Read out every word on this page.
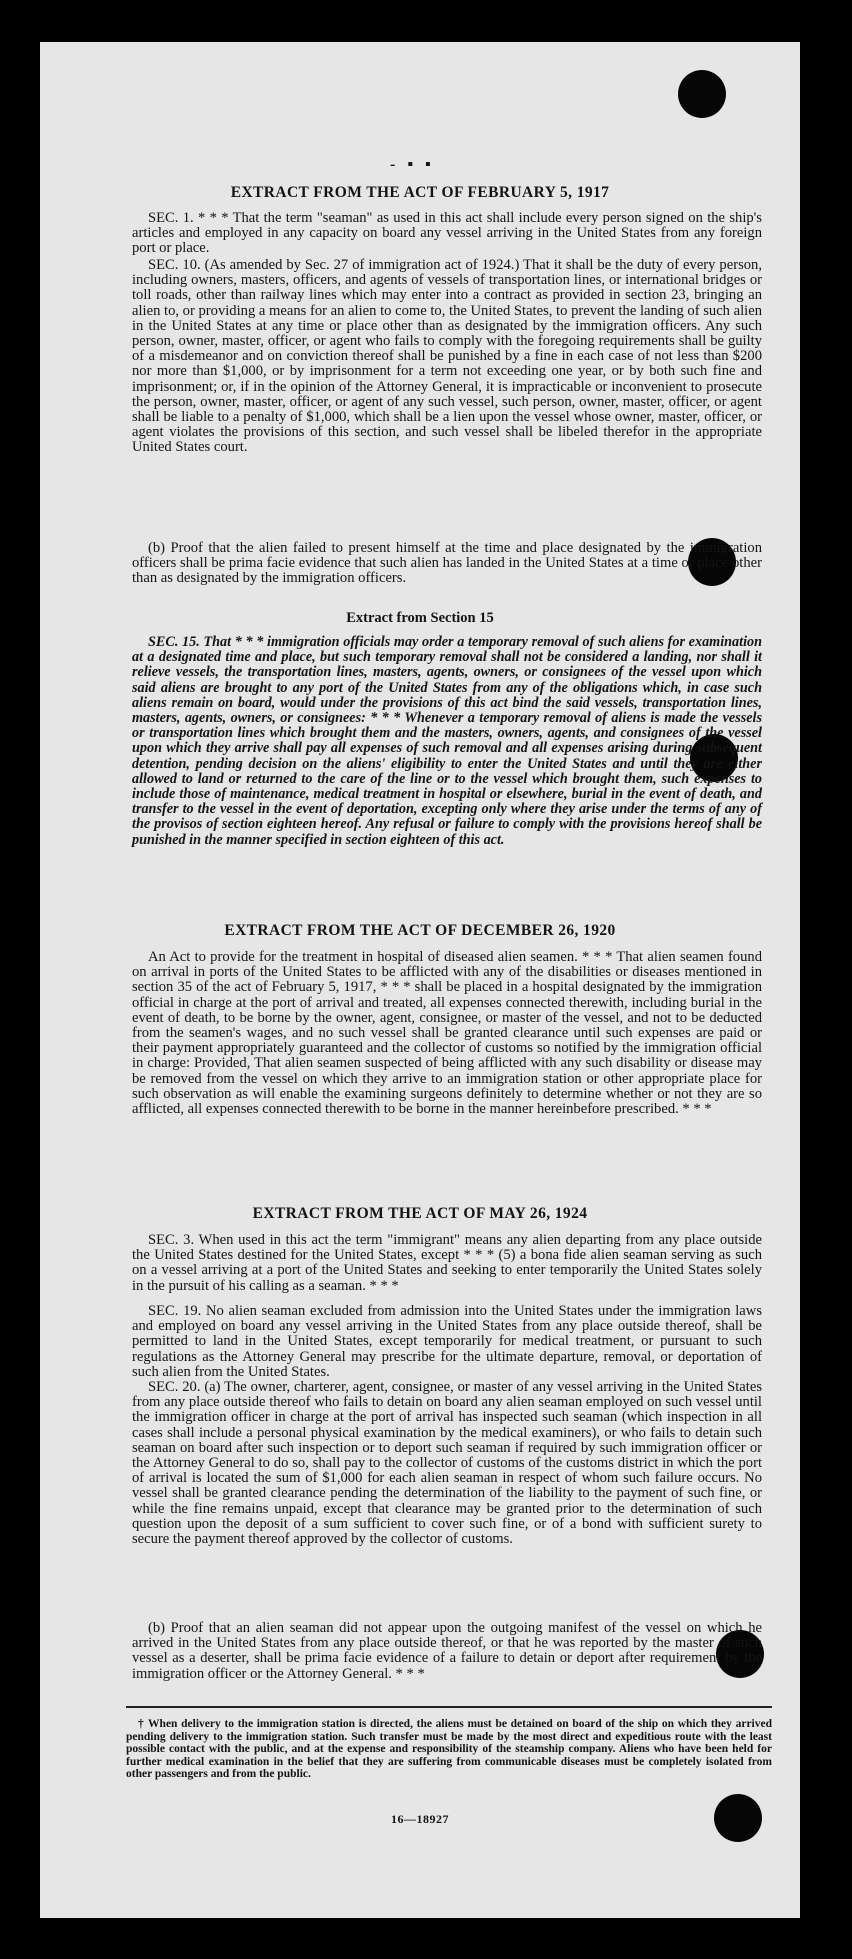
- ▪ ▪
EXTRACT FROM THE ACT OF FEBRUARY 5, 1917

SEC. 1. * * * That the term "seaman" as used in this act shall include every person signed on the ship's articles and employed in any capacity on board any vessel arriving in the United States from any foreign port or place.

SEC. 10. (As amended by Sec. 27 of immigration act of 1924.) That it shall be the duty of every person, including owners, masters, officers, and agents of vessels of transportation lines, or international bridges or toll roads, other than railway lines which may enter into a contract as provided in section 23, bringing an alien to, or providing a means for an alien to come to, the United States, to prevent the landing of such alien in the United States at any time or place other than as designated by the immigration officers. Any such person, owner, master, officer, or agent who fails to comply with the foregoing requirements shall be guilty of a misdemeanor and on conviction thereof shall be punished by a fine in each case of not less than $200 nor more than $1,000, or by imprisonment for a term not exceeding one year, or by both such fine and imprisonment; or, if in the opinion of the Attorney General, it is impracticable or inconvenient to prosecute the person, owner, master, officer, or agent of any such vessel, such person, owner, master, officer, or agent shall be liable to a penalty of $1,000, which shall be a lien upon the vessel whose owner, master, officer, or agent violates the provisions of this section, and such vessel shall be libeled therefor in the appropriate United States court.

(b) Proof that the alien failed to present himself at the time and place designated by the immigration officers shall be prima facie evidence that such alien has landed in the United States at a time or place other than as designated by the immigration officers.

Extract from Section 15

SEC. 15. That * * * immigration officials may order a temporary removal of such aliens for examination at a designated time and place, but such temporary removal shall not be considered a landing, nor shall it relieve vessels, the transportation lines, masters, agents, owners, or consignees of the vessel upon which said aliens are brought to any port of the United States from any of the obligations which, in case such aliens remain on board, would under the provisions of this act bind the said vessels, transportation lines, masters, agents, owners, or consignees: * * * Whenever a temporary removal of aliens is made the vessels or transportation lines which brought them and the masters, owners, agents, and consignees of the vessel upon which they arrive shall pay all expenses of such removal and all expenses arising during subsequent detention, pending decision on the aliens' eligibility to enter the United States and until they are either allowed to land or returned to the care of the line or to the vessel which brought them, such expenses to include those of maintenance, medical treatment in hospital or elsewhere, burial in the event of death, and transfer to the vessel in the event of deportation, excepting only where they arise under the terms of any of the provisos of section eighteen hereof. Any refusal or failure to comply with the provisions hereof shall be punished in the manner specified in section eighteen of this act.

EXTRACT FROM THE ACT OF DECEMBER 26, 1920

An Act to provide for the treatment in hospital of diseased alien seamen. * * * That alien seamen found on arrival in ports of the United States to be afflicted with any of the disabilities or diseases mentioned in section 35 of the act of February 5, 1917, * * * shall be placed in a hospital designated by the immigration official in charge at the port of arrival and treated, all expenses connected therewith, including burial in the event of death, to be borne by the owner, agent, consignee, or master of the vessel, and not to be deducted from the seamen's wages, and no such vessel shall be granted clearance until such expenses are paid or their payment appropriately guaranteed and the collector of customs so notified by the immigration official in charge: Provided, That alien seamen suspected of being afflicted with any such disability or disease may be removed from the vessel on which they arrive to an immigration station or other appropriate place for such observation as will enable the examining surgeons definitely to determine whether or not they are so afflicted, all expenses connected therewith to be borne in the manner hereinbefore prescribed. * * *

EXTRACT FROM THE ACT OF MAY 26, 1924

SEC. 3. When used in this act the term "immigrant" means any alien departing from any place outside the United States destined for the United States, except * * * (5) a bona fide alien seaman serving as such on a vessel arriving at a port of the United States and seeking to enter temporarily the United States solely in the pursuit of his calling as a seaman. * * *

SEC. 19. No alien seaman excluded from admission into the United States under the immigration laws and employed on board any vessel arriving in the United States from any place outside thereof, shall be permitted to land in the United States, except temporarily for medical treatment, or pursuant to such regulations as the Attorney General may prescribe for the ultimate departure, removal, or deportation of such alien from the United States.

SEC. 20. (a) The owner, charterer, agent, consignee, or master of any vessel arriving in the United States from any place outside thereof who fails to detain on board any alien seaman employed on such vessel until the immigration officer in charge at the port of arrival has inspected such seaman (which inspection in all cases shall include a personal physical examination by the medical examiners), or who fails to detain such seaman on board after such inspection or to deport such seaman if required by such immigration officer or the Attorney General to do so, shall pay to the collector of customs of the customs district in which the port of arrival is located the sum of $1,000 for each alien seaman in respect of whom such failure occurs. No vessel shall be granted clearance pending the determination of the liability to the payment of such fine, or while the fine remains unpaid, except that clearance may be granted prior to the determination of such question upon the deposit of a sum sufficient to cover such fine, or of a bond with sufficient surety to secure the payment thereof approved by the collector of customs.

(b) Proof that an alien seaman did not appear upon the outgoing manifest of the vessel on which he arrived in the United States from any place outside thereof, or that he was reported by the master of such vessel as a deserter, shall be prima facie evidence of a failure to detain or deport after requirement by the immigration officer or the Attorney General. * * *

† When delivery to the immigration station is directed, the aliens must be detained on board of the ship on which they arrived pending delivery to the immigration station. Such transfer must be made by the most direct and expeditious route with the least possible contact with the public, and at the expense and responsibility of the steamship company. Aliens who have been held for further medical examination in the belief that they are suffering from communicable diseases must be completely isolated from other passengers and from the public.

16—18927
